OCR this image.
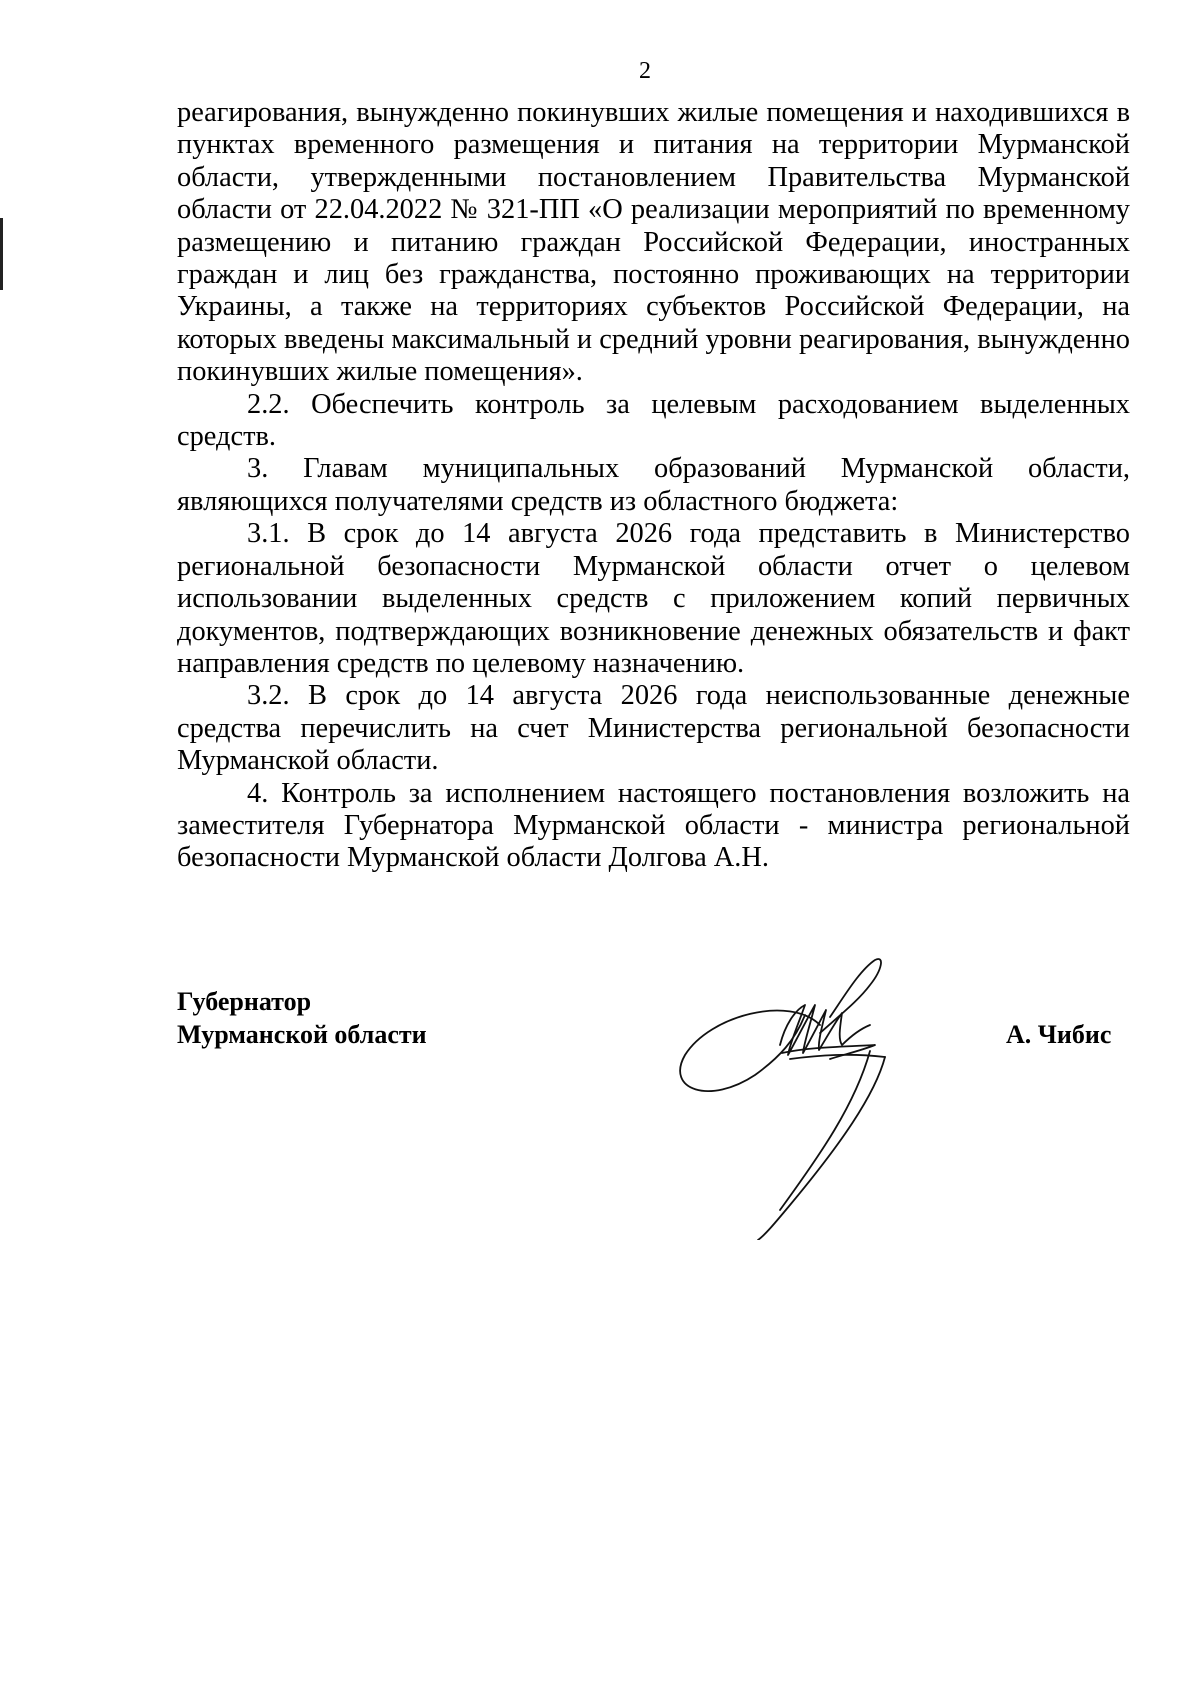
2

реагирования, вынужденно покинувших жилые помещения и находившихся в пунктах временного размещения и питания на территории Мурманской области, утвержденными постановлением Правительства Мурманской области от 22.04.2022 № 321-ПП «О реализации мероприятий по временному размещению и питанию граждан Российской Федерации, иностранных граждан и лиц без гражданства, постоянно проживающих на территории Украины, а также на территориях субъектов Российской Федерации, на которых введены максимальный и средний уровни реагирования, вынужденно покинувших жилые помещения».

2.2. Обеспечить контроль за целевым расходованием выделенных средств.

3. Главам муниципальных образований Мурманской области, являющихся получателями средств из областного бюджета:

3.1. В срок до 14 августа 2026 года представить в Министерство региональной безопасности Мурманской области отчет о целевом использовании выделенных средств с приложением копий первичных документов, подтверждающих возникновение денежных обязательств и факт направления средств по целевому назначению.

3.2. В срок до 14 августа 2026 года неиспользованные денежные средства перечислить на счет Министерства региональной безопасности Мурманской области.

4. Контроль за исполнением настоящего постановления возложить на заместителя Губернатора Мурманской области - министра региональной безопасности Мурманской области Долгова А.Н.

Губернатор
Мурманской области	А. Чибис
